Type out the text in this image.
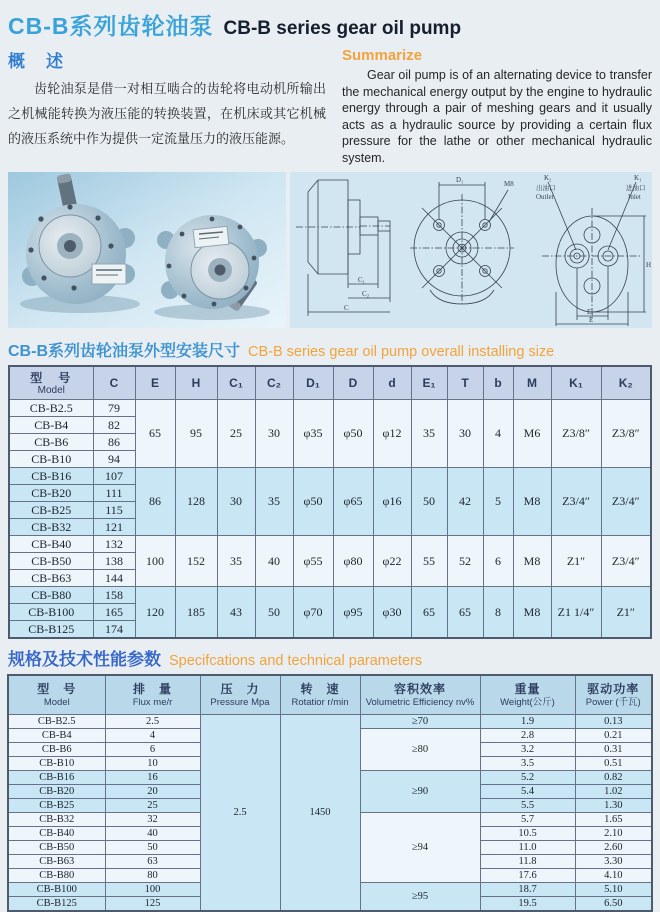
CB-B系列齿轮油泵 CB-B series gear oil pump
概　述

齿轮油泵是借一对相互啮合的齿轮将电动机所输出之机械能转换为液压能的转换装置，在机床或其它机械的液压系统中作为提供一定流量压力的液压能源。

Summarize

Gear oil pump is of an alternating device to transfer the mechanical energy output by the engine to hydraulic energy through a pair of meshing gears and it usually acts as a hydraulic source by providing a certain flux pressure for the lathe or other mechanical hydraulic system.

C₁
C₂
C
D₁	M8
K₂
出油口
Outlet
K₁
进油口
Inlet
H
E₁
E
CB-B系列齿轮油泵外型安装尺寸 CB-B series gear oil pump overall installing size
型　号
Model	C	E	H	C₁	C₂	D₁	D	d	E₁	T	b	M	K₁	K₂
CB-B2.5	79	65	95	25	30	φ35	φ50	φ12	35	30	4	M6	Z3/8″	Z3/8″
CB-B4	82													
CB-B6	86													
CB-B10	94													
CB-B16	107	86	128	30	35	φ50	φ65	φ16	50	42	5	M8	Z3/4″	Z3/4″
CB-B20	111													
CB-B25	115													
CB-B32	121													
CB-B40	132	100	152	35	40	φ55	φ80	φ22	55	52	6	M8	Z1″	Z3/4″
CB-B50	138													
CB-B63	144													
CB-B80	158	120	185	43	50	φ70	φ95	φ30	65	65	8	M8	Z1 1/4″	Z1″
CB-B100	165													
CB-B125	174													
规格及技术性能参数 Specifcations and technical parameters
型　号
Model

排　量
Flux me/r

压　力
Pressure Mpa

转　速
Rotatior r/min

容积效率
Volumetric Efficiency nv%

重量
Weight(公斤)

驱动功率
Power (千瓦)

CB-B2.5	2.5	2.5	1450	≥70	1.9	0.13
CB-B4	4			≥80	2.8	0.21
CB-B6	6				3.2	0.31
CB-B10	10				3.5	0.51
CB-B16	16			≥90	5.2	0.82
CB-B20	20				5.4	1.02
CB-B25	25				5.5	1.30
CB-B32	32			≥94	5.7	1.65
CB-B40	40				10.5	2.10
CB-B50	50				11.0	2.60
CB-B63	63				11.8	3.30
CB-B80	80				17.6	4.10
CB-B100	100			≥95	18.7	5.10
CB-B125	125				19.5	6.50
